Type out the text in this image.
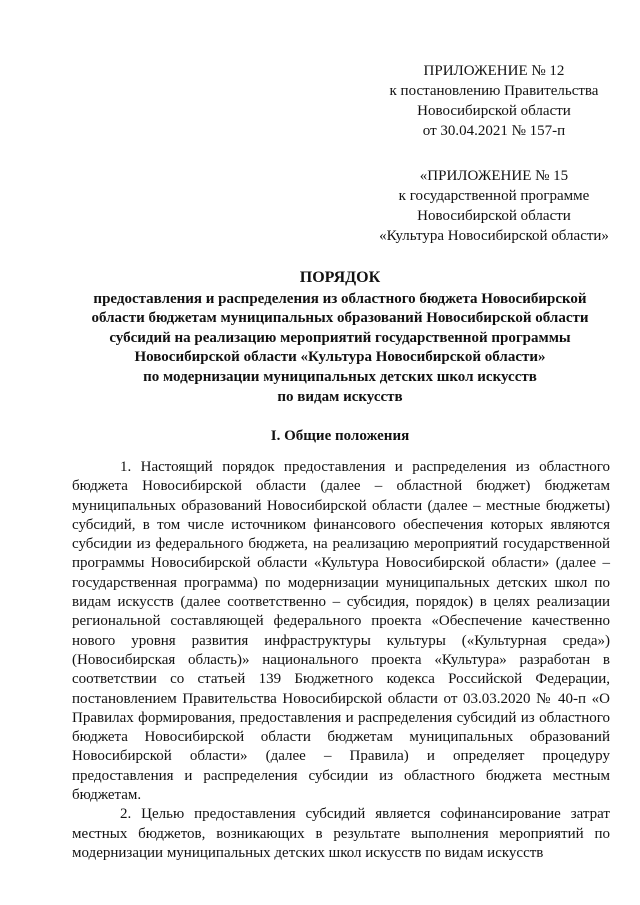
ПРИЛОЖЕНИЕ № 12
к постановлению Правительства
Новосибирской области
от 30.04.2021 № 157-п
«ПРИЛОЖЕНИЕ № 15
к государственной программе
Новосибирской области
«Культура Новосибирской области»
ПОРЯДОК
предоставления и распределения из областного бюджета Новосибирской
области бюджетам муниципальных образований Новосибирской области
субсидий на реализацию мероприятий государственной программы
Новосибирской области «Культура Новосибирской области»
по модернизации муниципальных детских школ искусств
по видам искусств
I. Общие положения

1. Настоящий порядок предоставления и распределения из областного бюджета Новосибирской области (далее – областной бюджет) бюджетам муниципальных образований Новосибирской области (далее – местные бюджеты) субсидий, в том числе источником финансового обеспечения которых являются субсидии из федерального бюджета, на реализацию мероприятий государственной программы Новосибирской области «Культура Новосибирской области» (далее – государственная программа) по модернизации муниципальных детских школ по видам искусств (далее соответственно – субсидия, порядок) в целях реализации региональной составляющей федерального проекта «Обеспечение качественно нового уровня развития инфраструктуры культуры («Культурная среда») (Новосибирская область)» национального проекта «Культура» разработан в соответствии со статьей 139 Бюджетного кодекса Российской Федерации, постановлением Правительства Новосибирской области от 03.03.2020 № 40-п «О Правилах формирования, предоставления и распределения субсидий из областного бюджета Новосибирской области бюджетам муниципальных образований Новосибирской области» (далее – Правила) и определяет процедуру предоставления и распределения субсидии из областного бюджета местным бюджетам.

2. Целью предоставления субсидий является софинансирование затрат местных бюджетов, возникающих в результате выполнения мероприятий по модернизации муниципальных детских школ искусств по видам искусств
